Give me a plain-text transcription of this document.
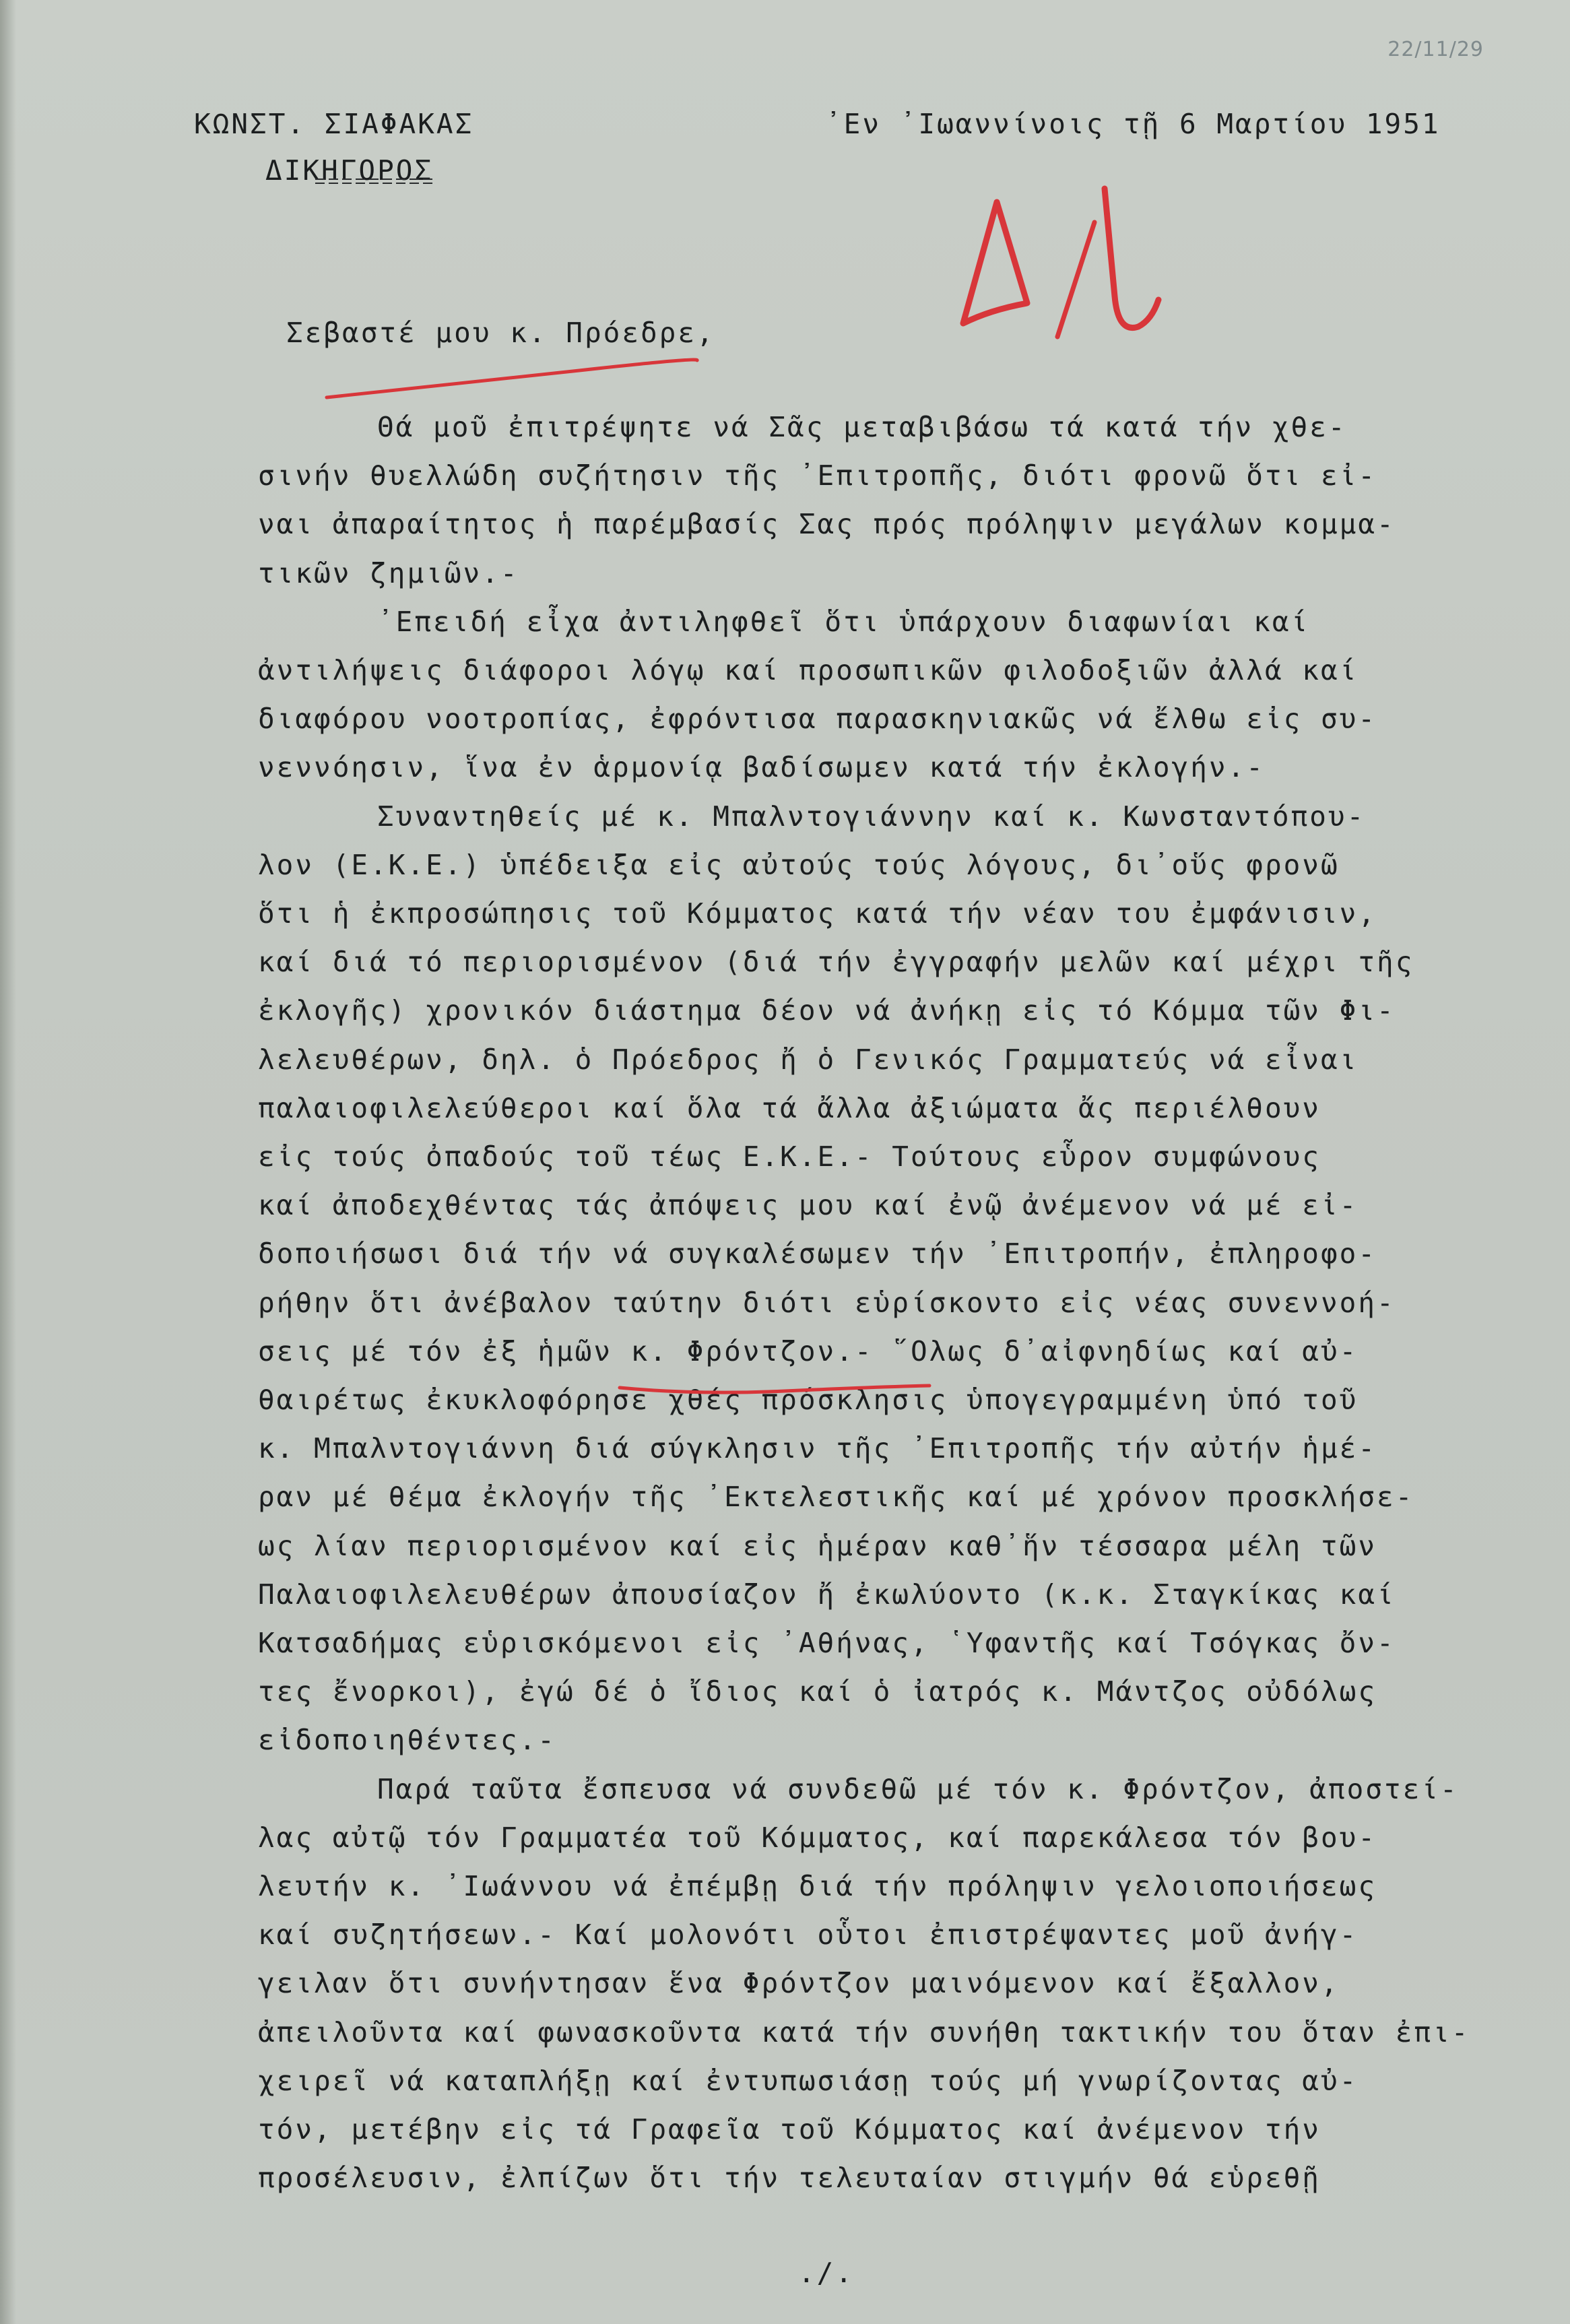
22/11/29
ΚΩΝΣΤ. ΣΙΑΦΑΚΑΣ
ΔΙΚΗΓΟΡΟΣ
᾿Εν ᾿Ιωαννίνοις τῇ 6 Μαρτίου 1951
Σεβαστέ μου κ. Πρόεδρε,
Θά μοῦ ἐπιτρέψητε νά Σᾶς μεταβιβάσω τά κατά τήν χθε-
σινήν θυελλώδη συζήτησιν τῆς ᾿Επιτροπῆς, διότι φρονῶ ὅτι εἰ-
ναι ἀπαραίτητος ἡ παρέμβασίς Σας πρός πρόληψιν μεγάλων κομμα-
τικῶν ζημιῶν.-
᾿Επειδή εἶχα ἀντιληφθεῖ ὅτι ὑπάρχουν διαφωνίαι καί
ἀντιλήψεις διάφοροι λόγῳ καί προσωπικῶν φιλοδοξιῶν ἀλλά καί
διαφόρου νοοτροπίας, ἐφρόντισα παρασκηνιακῶς νά ἔλθω εἰς συ-
νεννόησιν, ἵνα ἐν ἁρμονίᾳ βαδίσωμεν κατά τήν ἐκλογήν.-
Συναντηθείς μέ κ. Μπαλντογιάννην καί κ. Κωνσταντόπου-
λον (Ε.Κ.Ε.) ὑπέδειξα εἰς αὐτούς τούς λόγους, δι᾿οὕς φρονῶ
ὅτι ἡ ἐκπροσώπησις τοῦ Κόμματος κατά τήν νέαν του ἐμφάνισιν,
καί διά τό περιορισμένον (διά τήν ἐγγραφήν μελῶν καί μέχρι τῆς
ἐκλογῆς) χρονικόν διάστημα δέον νά ἀνήκῃ εἰς τό Κόμμα τῶν Φι-
λελευθέρων, δηλ. ὁ Πρόεδρος ἤ ὁ Γενικός Γραμματεύς νά εἶναι
παλαιοφιλελεύθεροι καί ὅλα τά ἄλλα ἀξιώματα ἄς περιέλθουν
εἰς τούς ὀπαδούς τοῦ τέως Ε.Κ.Ε.- Τούτους εὗρον συμφώνους
καί ἀποδεχθέντας τάς ἀπόψεις μου καί ἐνῷ ἀνέμενον νά μέ εἰ-
δοποιήσωσι διά τήν νά συγκαλέσωμεν τήν ᾿Επιτροπήν, ἐπληροφο-
ρήθην ὅτι ἀνέβαλον ταύτην διότι εὑρίσκοντο εἰς νέας συνεννοή-
σεις μέ τόν ἐξ ἡμῶν κ. Φρόντζον.- ῞Ολως δ᾿αἰφνηδίως καί αὐ-
θαιρέτως ἐκυκλοφόρησε χθές πρόσκλησις ὑπογεγραμμένη ὑπό τοῦ
κ. Μπαλντογιάννη διά σύγκλησιν τῆς ᾿Επιτροπῆς τήν αὐτήν ἡμέ-
ραν μέ θέμα ἐκλογήν τῆς ᾿Εκτελεστικῆς καί μέ χρόνον προσκλήσε-
ως λίαν περιορισμένον καί εἰς ἡμέραν καθ᾿ἥν τέσσαρα μέλη τῶν
Παλαιοφιλελευθέρων ἀπουσίαζον ἤ ἐκωλύοντο (κ.κ. Σταγκίκας καί
Κατσαδήμας εὑρισκόμενοι εἰς ᾿Αθήνας, ῾Υφαντῆς καί Τσόγκας ὄν-
τες ἔνορκοι), ἐγώ δέ ὁ ἴδιος καί ὁ ἰατρός κ. Μάντζος οὐδόλως
εἰδοποιηθέντες.-
Παρά ταῦτα ἔσπευσα νά συνδεθῶ μέ τόν κ. Φρόντζον, ἀποστεί-
λας αὐτῷ τόν Γραμματέα τοῦ Κόμματος, καί παρεκάλεσα τόν βου-
λευτήν κ. ᾿Ιωάννου νά ἐπέμβῃ διά τήν πρόληψιν γελοιοποιήσεως
καί συζητήσεων.- Καί μολονότι οὗτοι ἐπιστρέψαντες μοῦ ἀνήγ-
γειλαν ὅτι συνήντησαν ἕνα Φρόντζον μαινόμενον καί ἔξαλλον,
ἀπειλοῦντα καί φωνασκοῦντα κατά τήν συνήθη τακτικήν του ὅταν ἐπι-
χειρεῖ νά καταπλήξῃ καί ἐντυπωσιάσῃ τούς μή γνωρίζοντας αὐ-
τόν, μετέβην εἰς τά Γραφεῖα τοῦ Κόμματος καί ἀνέμενον τήν
προσέλευσιν, ἐλπίζων ὅτι τήν τελευταίαν στιγμήν θά εὑρεθῇ
./.
